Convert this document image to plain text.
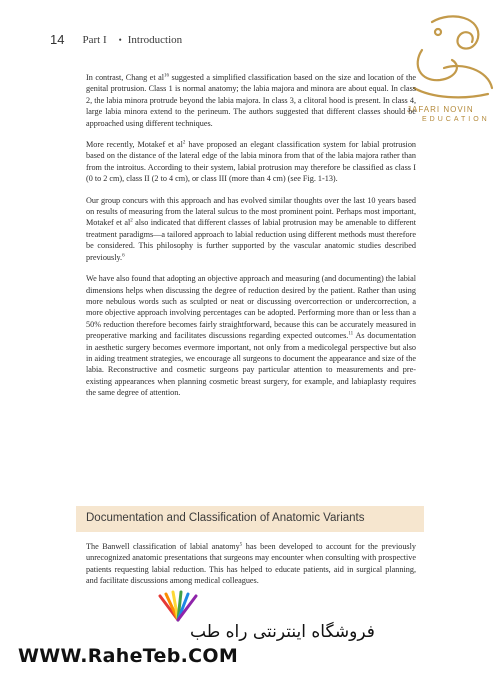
14 Part I • Introduction
JAFARI NOVIN
EDUCATION

In contrast, Chang et $al^{16}$ suggested a simplified classification based on the size and location of the genital protrusion. Class 1 is normal anatomy; the labia majora and minora are about equal. In class 2, the labia minora protrude beyond the labia majora. In class 3, a clitoral hood is present. In class 4, large labia minora extend to the perineum. The authors suggested that different classes should be approached using different techniques.

More recently, Motakef et $al^2$ have proposed an elegant classification system for labial protrusion based on the distance of the lateral edge of the labia minora from that of the labia majora rather than from the introitus. According to their system, labial protrusion may therefore be classified as class I (0 to 2 cm), class II (2 to 4 cm), or class III (more than 4 cm) (see Fig. 1-13).

Our group concurs with this approach and has evolved similar thoughts over the last 10 years based on results of measuring from the lateral sulcus to the most prominent point. Perhaps most important, Motakef et $al^2$ also indicated that different classes of labial protrusion may be amenable to different treatment paradigms—a tailored approach to labial reduction using different methods must therefore be considered. This philosophy is further supported by the vascular anatomic studies described previously.$^6$

We have also found that adopting an objective approach and measuring (and documenting) the labial dimensions helps when discussing the degree of reduction desired by the patient. Rather than using more nebulous words such as sculpted or neat or discussing overcorrection or undercorrection, a more objective approach involving percentages can be adopted. Performing more than or less than a 50% reduction therefore becomes fairly straightforward, because this can be accurately measured in preoperative marking and facilitates discussions regarding expected outcomes.$^{11}$ As documentation in aesthetic surgery becomes evermore important, not only from a medicolegal perspective but also in aiding treatment strategies, we encourage all surgeons to document the appearance and size of the labia. Reconstructive and cosmetic surgeons pay particular attention to measurements and pre-existing appearances when planning cosmetic breast surgery, for example, and labiaplasty requires the same degree of attention.

Documentation and Classification of Anatomic Variants
The Banwell classification of labial anatomy$^5$ has been developed to account for the previously unrecognized anatomic presentations that surgeons may encounter when consulting with prospective patients requesting labial reduction. This has helped to educate patients, aid in surgical planning, and facilitate discussions among medical colleagues.
فروشگاه اینترنتی راه طب
WWW.RaheTeb.COM
